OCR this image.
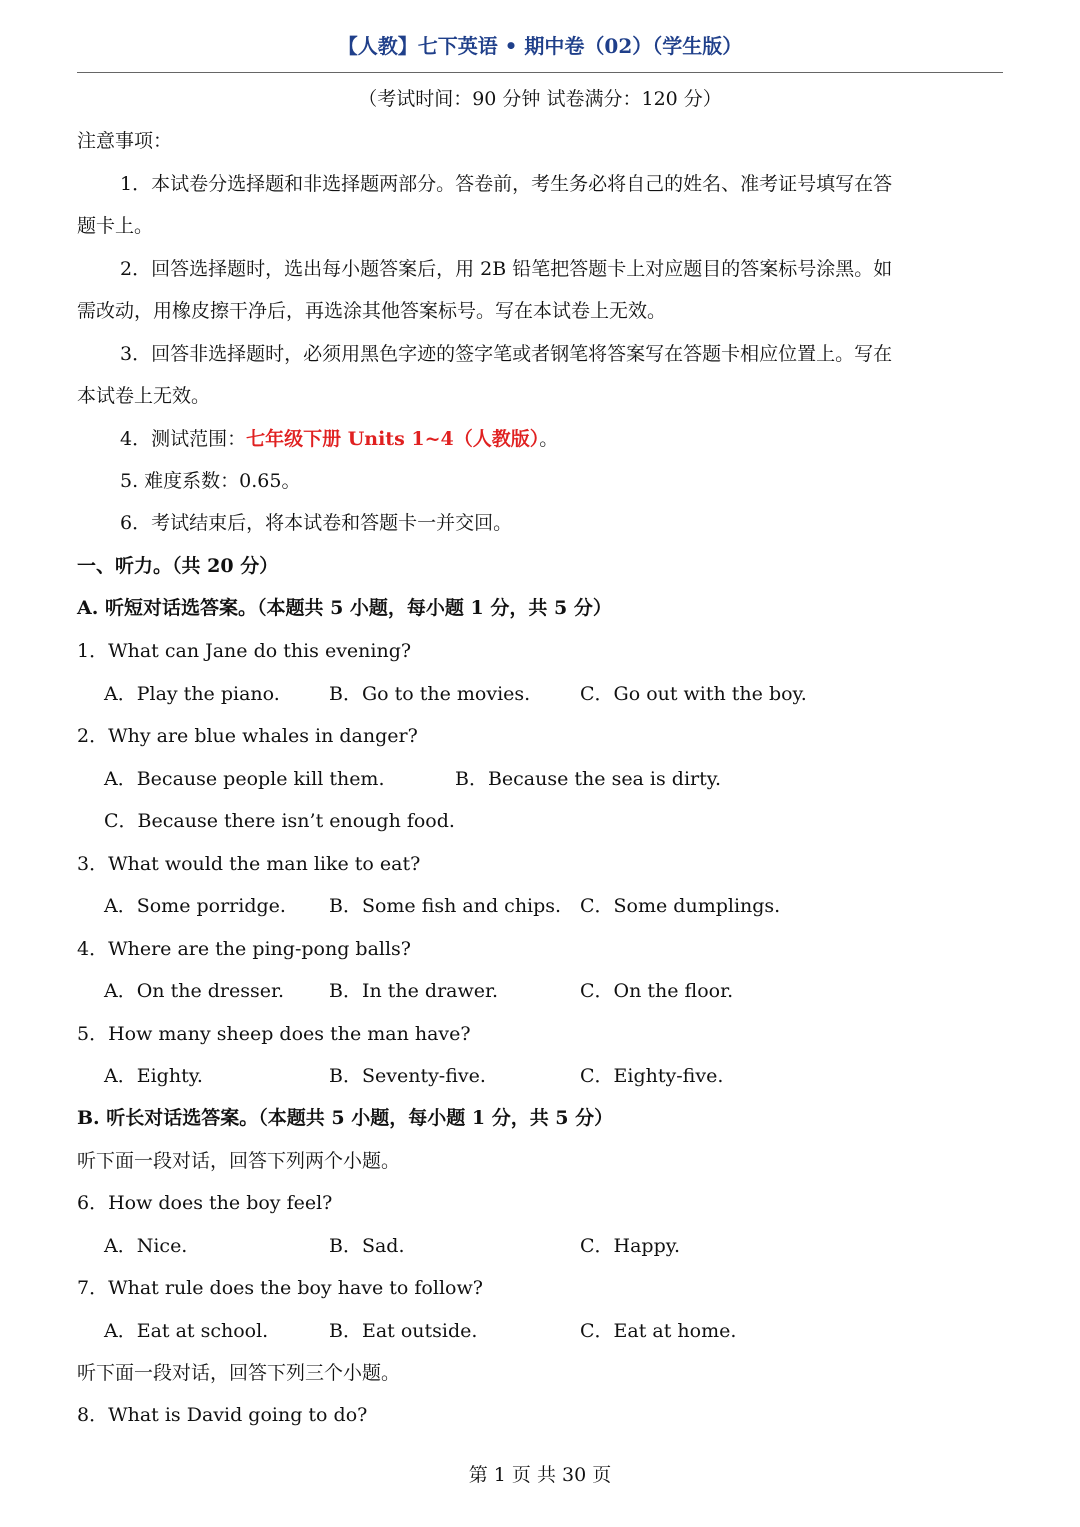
【人教】七下英语 • 期中卷（02）（学生版）
（考试时间：90 分钟 试卷满分：120 分）
注意事项：
1．本试卷分选择题和非选择题两部分。答卷前，考生务必将自己的姓名、准考证号填写在答
题卡上。
2．回答选择题时，选出每小题答案后，用 2B 铅笔把答题卡上对应题目的答案标号涂黑。如
需改动，用橡皮擦干净后，再选涂其他答案标号。写在本试卷上无效。
3．回答非选择题时，必须用黑色字迹的签字笔或者钢笔将答案写在答题卡相应位置上。写在
本试卷上无效。
4．测试范围：七年级下册 Units 1~4（人教版）。
5. 难度系数：0.65。
6．考试结束后，将本试卷和答题卡一并交回。
一、听力。（共 20 分）
A. 听短对话选答案。（本题共 5 小题，每小题 1 分，共 5 分）
1．What can Jane do this evening?
A．Play the piano.	B．Go to the movies.	C．Go out with the boy.
2．Why are blue whales in danger?
A．Because people kill them.	B．Because the sea is dirty.
C．Because there isn’t enough food.
3．What would the man like to eat?
A．Some porridge. B．Some fish and chips. C．Some dumplings.
4．Where are the ping-pong balls?
A．On the dresser. B．In the drawer.	C．On the floor.
5．How many sheep does the man have?
A．Eighty.	B．Seventy-five.	C．Eighty-five.
B. 听长对话选答案。（本题共 5 小题，每小题 1 分，共 5 分）
听下面一段对话，回答下列两个小题。
6．How does the boy feel?
A．Nice.	B．Sad.	C．Happy.
7．What rule does the boy have to follow?
A．Eat at school.	B．Eat outside.	C．Eat at home.
听下面一段对话，回答下列三个小题。
8．What is David going to do?
第 1 页 共 30 页
